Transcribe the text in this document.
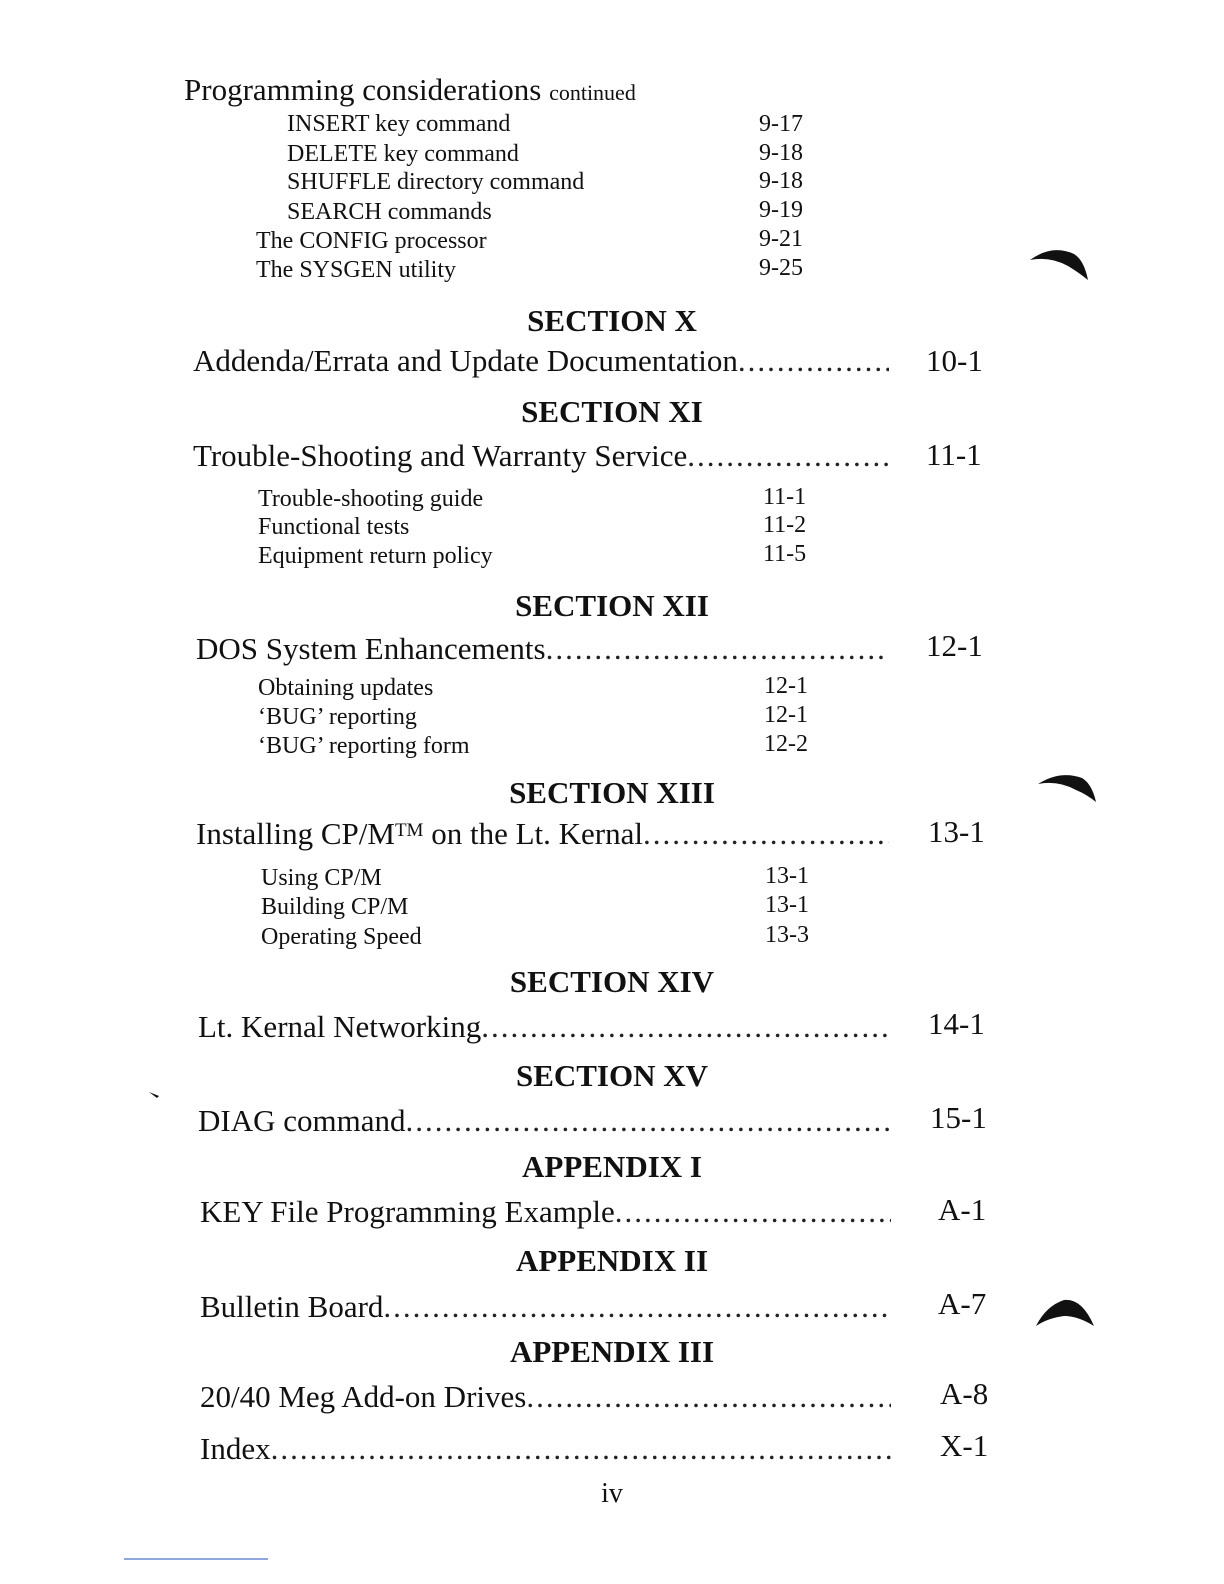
Programming considerations continued
INSERT key command	9-17
DELETE key command	9-18
SHUFFLE directory command	9-18
SEARCH commands	9-19
The CONFIG processor	9-21
The SYSGEN utility	9-25
SECTION X
Addenda/Errata and Update Documentation .....	10-1
SECTION XI
Trouble-Shooting and Warranty Service .....	11-1
Trouble-shooting guide	11-1
Functional tests	11-2
Equipment return policy	11-5
SECTION XII
DOS System Enhancements .....	12-1
Obtaining updates	12-1
‘BUG’ reporting	12-1
‘BUG’ reporting form	12-2
SECTION XIII
Installing CP/M™ on the Lt. Kernal .....	13-1
Using CP/M	13-1
Building CP/M	13-1
Operating Speed	13-3
SECTION XIV
Lt. Kernal Networking .....	14-1
SECTION XV
DIAG command .....	15-1
APPENDIX I
KEY File Programming Example .....	A-1
APPENDIX II
Bulletin Board .....	A-7
APPENDIX III
20/40 Meg Add-on Drives .....	A-8
Index .....	X-1
iv
